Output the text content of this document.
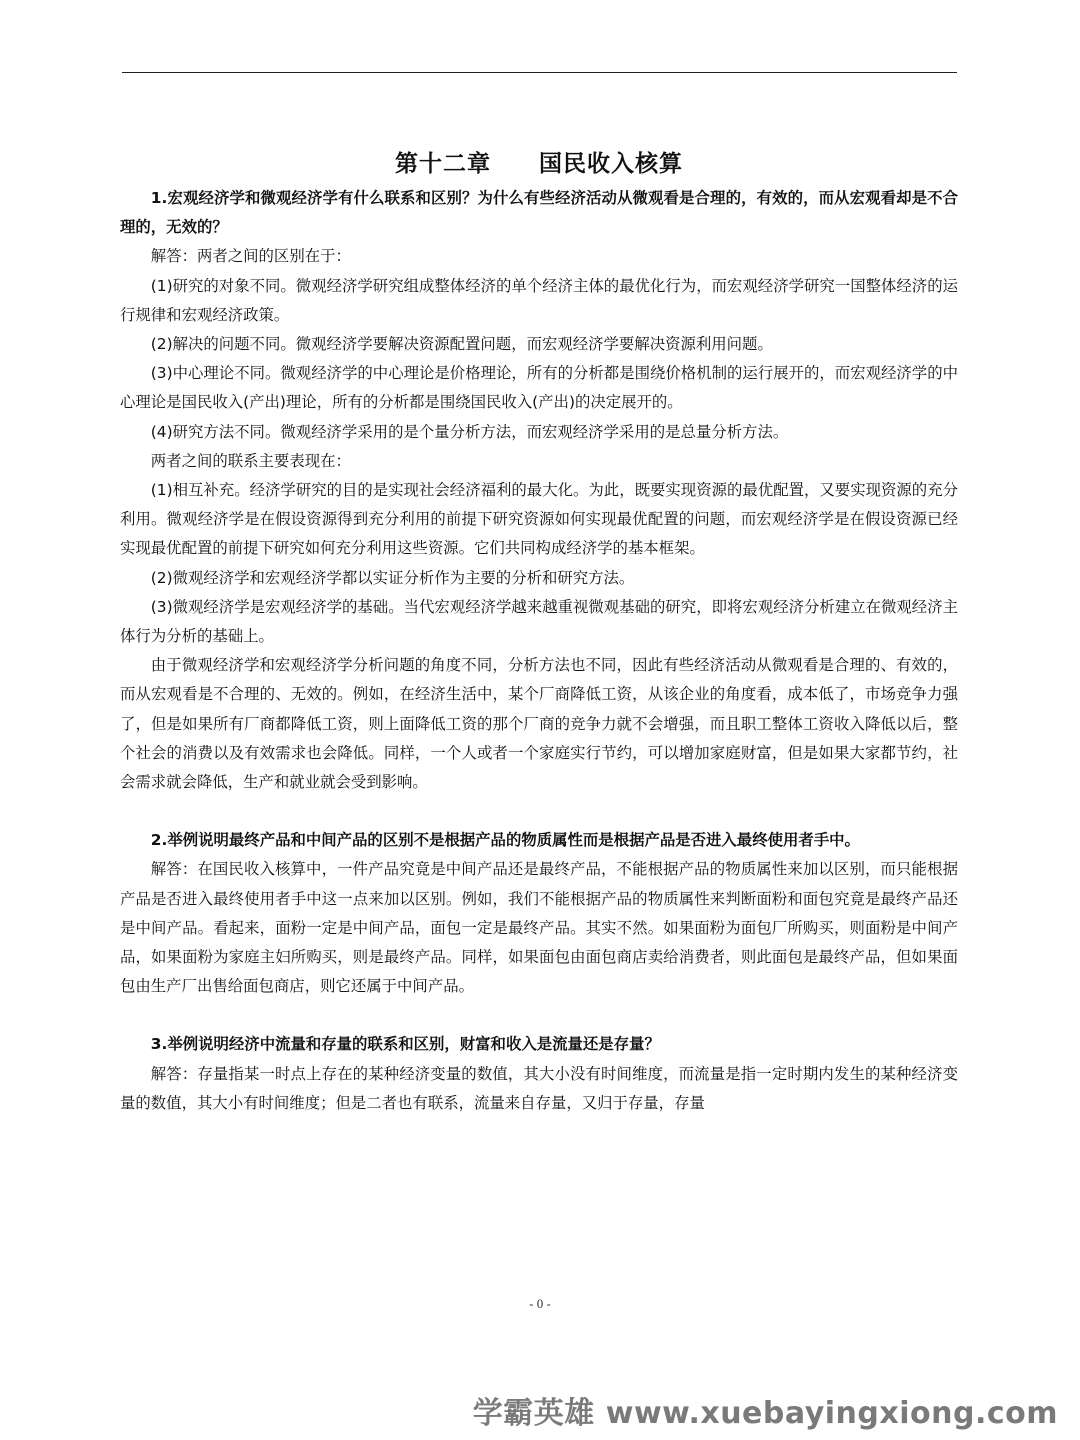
第十二章　　国民收入核算

1.宏观经济学和微观经济学有什么联系和区别？为什么有些经济活动从微观看是合理的，有效的，而从宏观看却是不合理的，无效的？

解答：两者之间的区别在于：

(1)研究的对象不同。微观经济学研究组成整体经济的单个经济主体的最优化行为，而宏观经济学研究一国整体经济的运行规律和宏观经济政策。

(2)解决的问题不同。微观经济学要解决资源配置问题，而宏观经济学要解决资源利用问题。

(3)中心理论不同。微观经济学的中心理论是价格理论，所有的分析都是围绕价格机制的运行展开的，而宏观经济学的中心理论是国民收入(产出)理论，所有的分析都是围绕国民收入(产出)的决定展开的。

(4)研究方法不同。微观经济学采用的是个量分析方法，而宏观经济学采用的是总量分析方法。

两者之间的联系主要表现在：

(1)相互补充。经济学研究的目的是实现社会经济福利的最大化。为此，既要实现资源的最优配置，又要实现资源的充分利用。微观经济学是在假设资源得到充分利用的前提下研究资源如何实现最优配置的问题，而宏观经济学是在假设资源已经实现最优配置的前提下研究如何充分利用这些资源。它们共同构成经济学的基本框架。

(2)微观经济学和宏观经济学都以实证分析作为主要的分析和研究方法。

(3)微观经济学是宏观经济学的基础。当代宏观经济学越来越重视微观基础的研究，即将宏观经济分析建立在微观经济主体行为分析的基础上。

由于微观经济学和宏观经济学分析问题的角度不同，分析方法也不同，因此有些经济活动从微观看是合理的、有效的，而从宏观看是不合理的、无效的。例如，在经济生活中，某个厂商降低工资，从该企业的角度看，成本低了，市场竞争力强了，但是如果所有厂商都降低工资，则上面降低工资的那个厂商的竞争力就不会增强，而且职工整体工资收入降低以后，整个社会的消费以及有效需求也会降低。同样，一个人或者一个家庭实行节约，可以增加家庭财富，但是如果大家都节约，社会需求就会降低，生产和就业就会受到影响。

2.举例说明最终产品和中间产品的区别不是根据产品的物质属性而是根据产品是否进入最终使用者手中。

解答：在国民收入核算中，一件产品究竟是中间产品还是最终产品，不能根据产品的物质属性来加以区别，而只能根据产品是否进入最终使用者手中这一点来加以区别。例如，我们不能根据产品的物质属性来判断面粉和面包究竟是最终产品还是中间产品。看起来，面粉一定是中间产品，面包一定是最终产品。其实不然。如果面粉为面包厂所购买，则面粉是中间产品，如果面粉为家庭主妇所购买，则是最终产品。同样，如果面包由面包商店卖给消费者，则此面包是最终产品，但如果面包由生产厂出售给面包商店，则它还属于中间产品。

3.举例说明经济中流量和存量的联系和区别，财富和收入是流量还是存量？

解答：存量指某一时点上存在的某种经济变量的数值，其大小没有时间维度，而流量是指一定时期内发生的某种经济变量的数值，其大小有时间维度；但是二者也有联系，流量来自存量，又归于存量，存量

- 0 -
学霸英雄 www.xuebayingxiong.com
